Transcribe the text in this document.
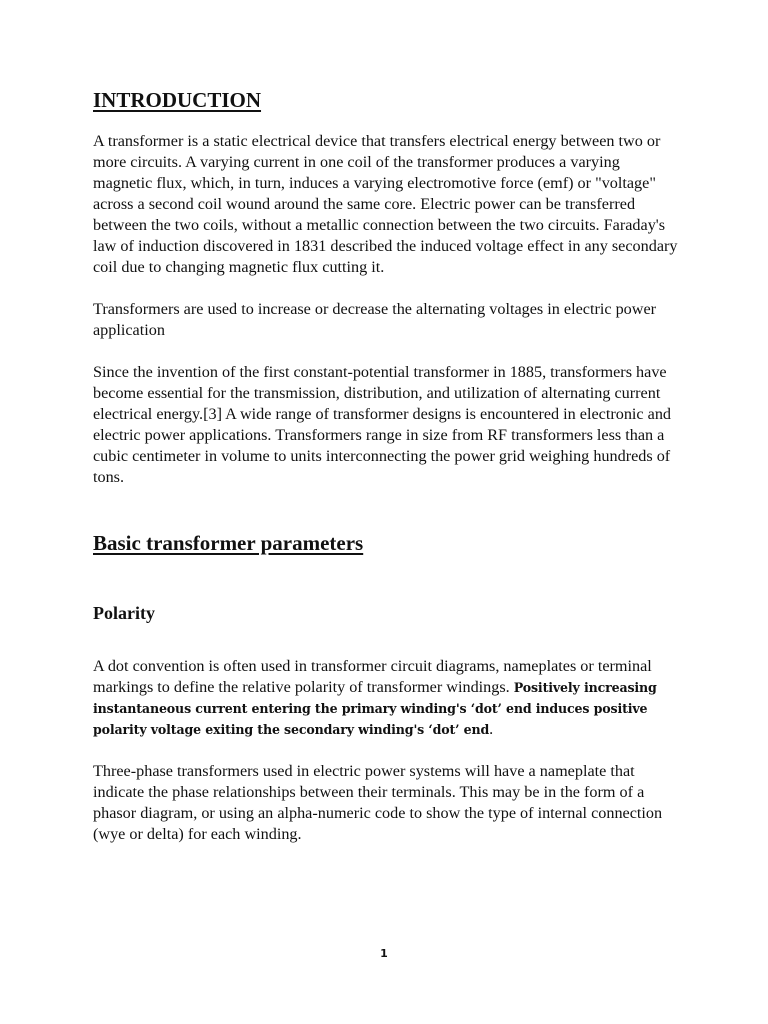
INTRODUCTION

A transformer is a static electrical device that transfers electrical energy between two or more circuits. A varying current in one coil of the transformer produces a varying magnetic flux, which, in turn, induces a varying electromotive force (emf) or "voltage" across a second coil wound around the same core. Electric power can be transferred between the two coils, without a metallic connection between the two circuits. Faraday's law of induction discovered in 1831 described the induced voltage effect in any secondary coil due to changing magnetic flux cutting it.

Transformers are used to increase or decrease the alternating voltages in electric power application

Since the invention of the first constant-potential transformer in 1885, transformers have become essential for the transmission, distribution, and utilization of alternating current electrical energy.[3] A wide range of transformer designs is encountered in electronic and electric power applications. Transformers range in size from RF transformers less than a cubic centimeter in volume to units interconnecting the power grid weighing hundreds of tons.

Basic transformer parameters
Polarity

A dot convention is often used in transformer circuit diagrams, nameplates or terminal markings to define the relative polarity of transformer windings. Positively increasing instantaneous current entering the primary winding's ‘dot’ end induces positive polarity voltage exiting the secondary winding's ‘dot’ end.

Three-phase transformers used in electric power systems will have a nameplate that indicate the phase relationships between their terminals. This may be in the form of a phasor diagram, or using an alpha-numeric code to show the type of internal connection (wye or delta) for each winding.

1
